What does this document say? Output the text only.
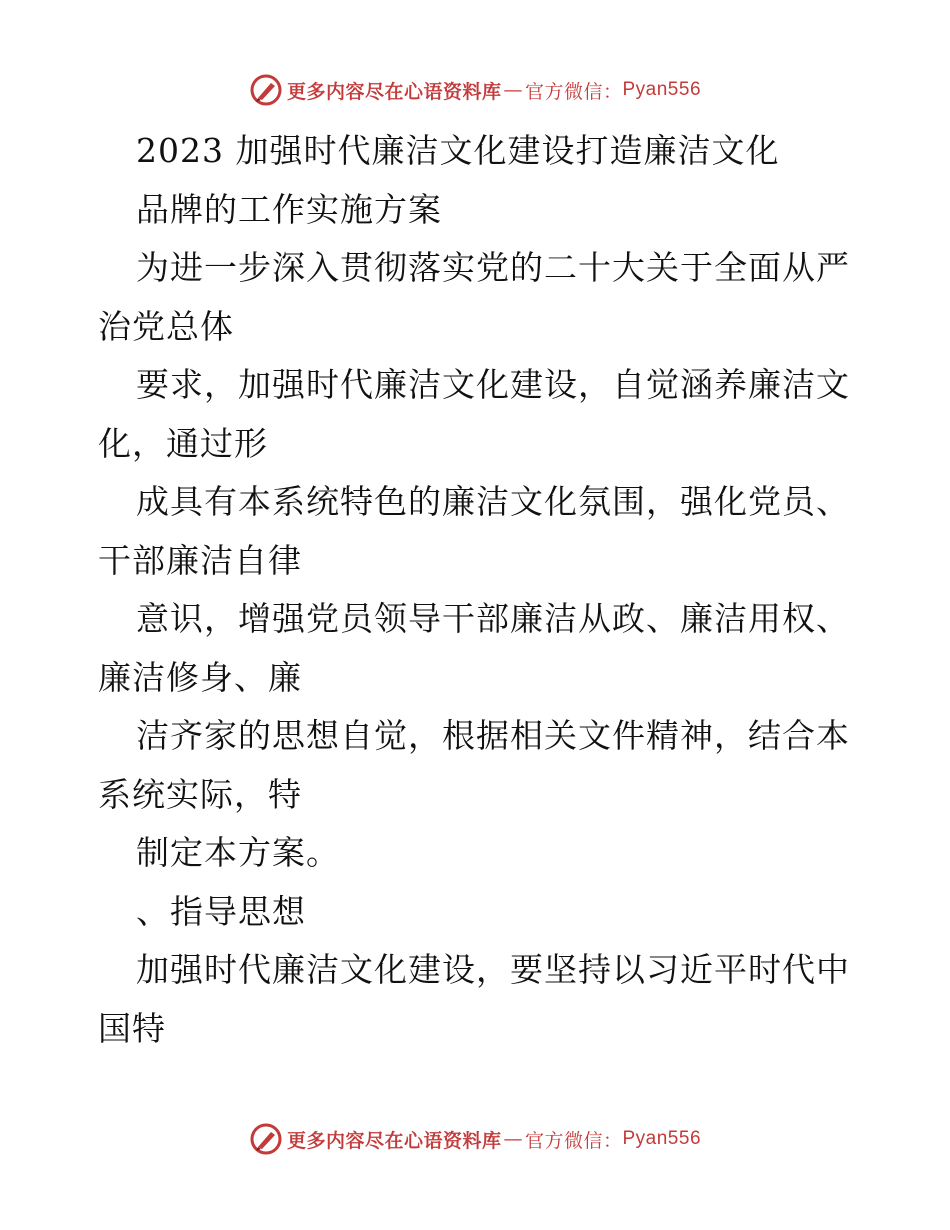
更多内容尽在心语资料库 — 官方微信： Pyan556
2023 加强时代廉洁文化建设打造廉洁文化
品牌的工作实施方案
为进一步深入贯彻落实党的二十大关于全面从严
治党总体
要求，加强时代廉洁文化建设，自觉涵养廉洁文
化，通过形
成具有本系统特色的廉洁文化氛围，强化党员、
干部廉洁自律
意识，增强党员领导干部廉洁从政、廉洁用权、
廉洁修身、廉
洁齐家的思想自觉，根据相关文件精神，结合本
系统实际，特
制定本方案。
、指导思想
加强时代廉洁文化建设，要坚持以习近平时代中
国特
更多内容尽在心语资料库 — 官方微信： Pyan556
